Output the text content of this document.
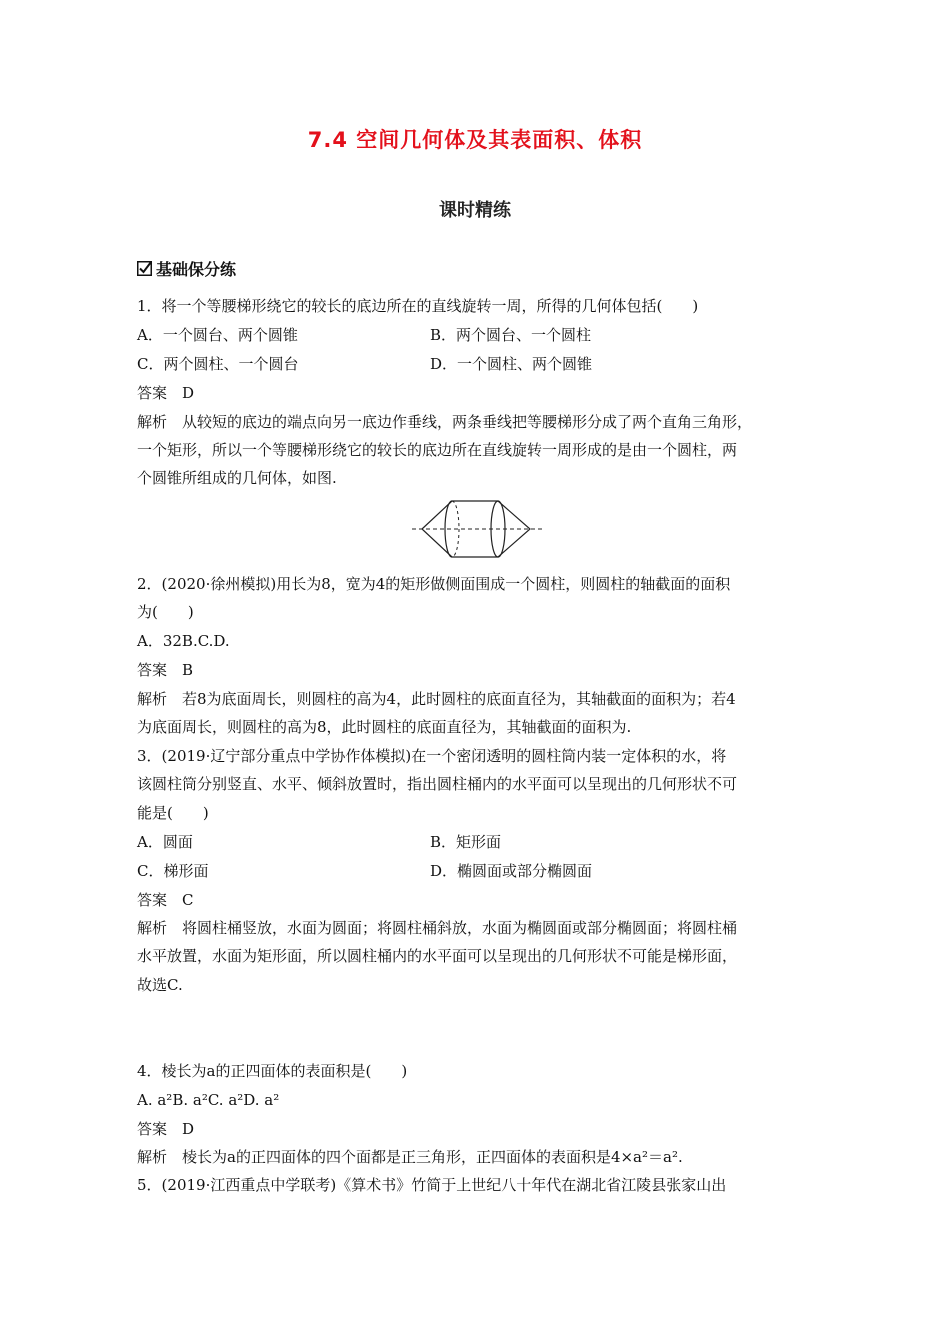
7.4 空间几何体及其表面积、体积
课时精练
基础保分练
1．将一个等腰梯形绕它的较长的底边所在的直线旋转一周，所得的几何体包括(　　)
A．一个圆台、两个圆锥	B．两个圆台、一个圆柱
C．两个圆柱、一个圆台	D．一个圆柱、两个圆锥
答案　D
解析　从较短的底边的端点向另一底边作垂线，两条垂线把等腰梯形分成了两个直角三角形，
一个矩形，所以一个等腰梯形绕它的较长的底边所在直线旋转一周形成的是由一个圆柱，两
个圆锥所组成的几何体，如图.
2．(2020·徐州模拟)用长为8，宽为4的矩形做侧面围成一个圆柱，则圆柱的轴截面的面积
为(　　)
A．32B.C.D.
答案　B
解析　若8为底面周长，则圆柱的高为4，此时圆柱的底面直径为，其轴截面的面积为；若4
为底面周长，则圆柱的高为8，此时圆柱的底面直径为，其轴截面的面积为.
3．(2019·辽宁部分重点中学协作体模拟)在一个密闭透明的圆柱筒内装一定体积的水，将
该圆柱筒分别竖直、水平、倾斜放置时，指出圆柱桶内的水平面可以呈现出的几何形状不可
能是(　　)
A．圆面	B．矩形面
C．梯形面	D．椭圆面或部分椭圆面
答案　C
解析　将圆柱桶竖放，水面为圆面；将圆柱桶斜放，水面为椭圆面或部分椭圆面；将圆柱桶
水平放置，水面为矩形面，所以圆柱桶内的水平面可以呈现出的几何形状不可能是梯形面，
故选C.
4．棱长为a的正四面体的表面积是(　　)
A. a²B. a²C. a²D. a²
答案　D
解析　棱长为a的正四面体的四个面都是正三角形，正四面体的表面积是4×a²＝a².
5．(2019·江西重点中学联考)《算术书》竹简于上世纪八十年代在湖北省江陵县张家山出
